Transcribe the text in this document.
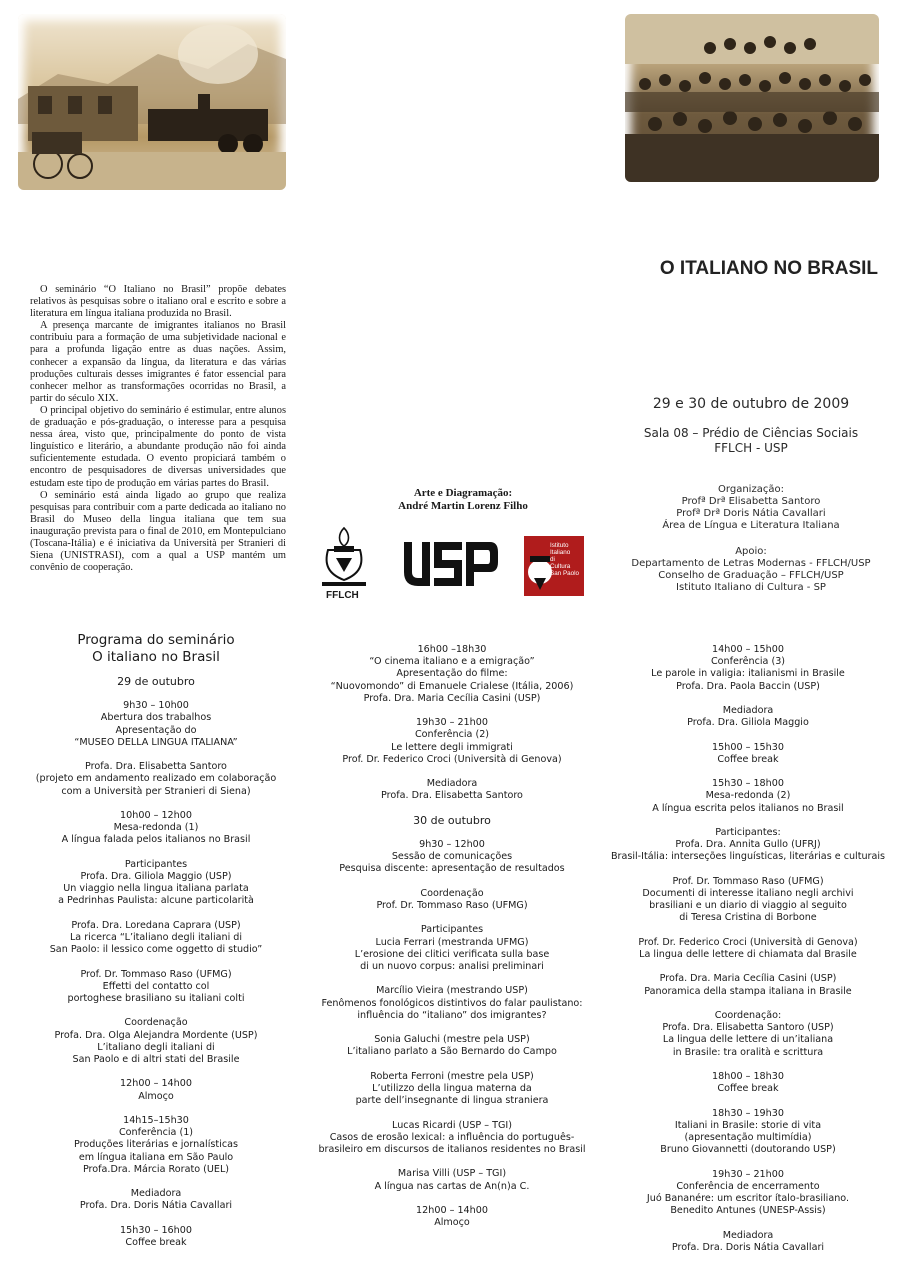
O ITALIANO NO BRASIL

O seminário “O Italiano no Brasil” propõe debates relativos às pesquisas sobre o italiano oral e escrito e sobre a literatura em língua italiana produzida no Brasil.

A presença marcante de imigrantes italianos no Brasil contribuiu para a formação de uma subjetividade nacional e para a profunda ligação entre as duas nações. Assim, conhecer a expansão da língua, da literatura e das várias produções culturais desses imigrantes é fator essencial para conhecer melhor as transformações ocorridas no Brasil, a partir do século XIX.

O principal objetivo do seminário é estimular, entre alunos de graduação e pós-graduação, o interesse para a pesquisa nessa área, visto que, principalmente do ponto de vista linguístico e literário, a abundante produção não foi ainda suficientemente estudada. O evento propiciará também o encontro de pesquisadores de diversas universidades que estudam este tipo de produção em várias partes do Brasil.

O seminário está ainda ligado ao grupo que realiza pesquisas para contribuir com a parte dedicada ao italiano no Brasil do Museo della lingua italiana que tem sua inauguração prevista para o final de 2010, em Montepulciano (Toscana-Itália) e é iniciativa da Università per Stranieri di Siena (UNISTRASI), com a qual a USP mantém um convênio de cooperação.

Arte e Diagramação:
André Martin Lorenz Filho
FFLCH
Istituto
Italiano
di
Cultura
San Paolo
29 e 30 de outubro de 2009
Sala 08 – Prédio de Ciências Sociais
FFLCH - USP
Organização:
Profª Drª Elisabetta Santoro
Profª Drª Doris Nátia Cavallari
Área de Língua e Literatura Italiana
Apoio:
Departamento de Letras Modernas - FFLCH/USP
Conselho de Graduação – FFLCH/USP
Istituto Italiano di Cultura - SP
Programa do seminário
O italiano no Brasil
29 de outubro
9h30 – 10h00
Abertura dos trabalhos
Apresentação do
“MUSEO DELLA LINGUA ITALIANA”
Profa. Dra. Elisabetta Santoro
(projeto em andamento realizado em colaboração
com a Università per Stranieri di Siena)
10h00 – 12h00
Mesa-redonda (1)
A língua falada pelos italianos no Brasil
Participantes
Profa. Dra. Giliola Maggio (USP)
Un viaggio nella lingua italiana parlata
a Pedrinhas Paulista: alcune particolarità
Profa. Dra. Loredana Caprara (USP)
La ricerca “L’italiano degli italiani di
San Paolo: il lessico come oggetto di studio”
Prof. Dr. Tommaso Raso (UFMG)
Effetti del contatto col
portoghese brasiliano su italiani colti
Coordenação
Profa. Dra. Olga Alejandra Mordente (USP)
L’italiano degli italiani di
San Paolo e di altri stati del Brasile
12h00 – 14h00
Almoço
14h15–15h30
Conferência (1)
Produções literárias e jornalísticas
em língua italiana em São Paulo
Profa.Dra. Márcia Rorato (UEL)
Mediadora
Profa. Dra. Doris Nátia Cavallari
15h30 – 16h00
Coffee break
16h00 –18h30
“O cinema italiano e a emigração”
Apresentação do filme:
“Nuovomondo” di Emanuele Crialese (Itália, 2006)
Profa. Dra. Maria Cecília Casini (USP)
19h30 – 21h00
Conferência (2)
Le lettere degli immigrati
Prof. Dr. Federico Croci (Università di Genova)
Mediadora
Profa. Dra. Elisabetta Santoro
30 de outubro
9h30 – 12h00
Sessão de comunicações
Pesquisa discente: apresentação de resultados
Coordenação
Prof. Dr. Tommaso Raso (UFMG)
Participantes
Lucia Ferrari (mestranda UFMG)
L’erosione dei clitici verificata sulla base
di un nuovo corpus: analisi preliminari
Marcílio Vieira (mestrando USP)
Fenômenos fonológicos distintivos do falar paulistano:
influência do “italiano” dos imigrantes?
Sonia Galuchi (mestre pela USP)
L’italiano parlato a São Bernardo do Campo
Roberta Ferroni (mestre pela USP)
L’utilizzo della lingua materna da
parte dell’insegnante di lingua straniera
Lucas Ricardi (USP – TGI)
Casos de erosão lexical: a influência do português-
brasileiro em discursos de italianos residentes no Brasil
Marisa Villi (USP – TGI)
A língua nas cartas de An(n)a C.
12h00 – 14h00
Almoço
14h00 – 15h00
Conferência (3)
Le parole in valigia: italianismi in Brasile
Profa. Dra. Paola Baccin (USP)
Mediadora
Profa. Dra. Giliola Maggio
15h00 – 15h30
Coffee break
15h30 – 18h00
Mesa-redonda (2)
A língua escrita pelos italianos no Brasil
Participantes:
Profa. Dra. Annita Gullo (UFRJ)
Brasil-Itália: interseções linguísticas, literárias e culturais
Prof. Dr. Tommaso Raso (UFMG)
Documenti di interesse italiano negli archivi
brasiliani e un diario di viaggio al seguito
di Teresa Cristina di Borbone
Prof. Dr. Federico Croci (Università di Genova)
La lingua delle lettere di chiamata dal Brasile
Profa. Dra. Maria Cecília Casini (USP)
Panoramica della stampa italiana in Brasile
Coordenação:
Profa. Dra. Elisabetta Santoro (USP)
La lingua delle lettere di un’italiana
in Brasile: tra oralità e scrittura
18h00 – 18h30
Coffee break
18h30 – 19h30
Italiani in Brasile: storie di vita
(apresentação multimídia)
Bruno Giovannetti (doutorando USP)
19h30 – 21h00
Conferência de encerramento
Juó Bananére: um escritor ítalo-brasiliano.
Benedito Antunes (UNESP-Assis)
Mediadora
Profa. Dra. Doris Nátia Cavallari
